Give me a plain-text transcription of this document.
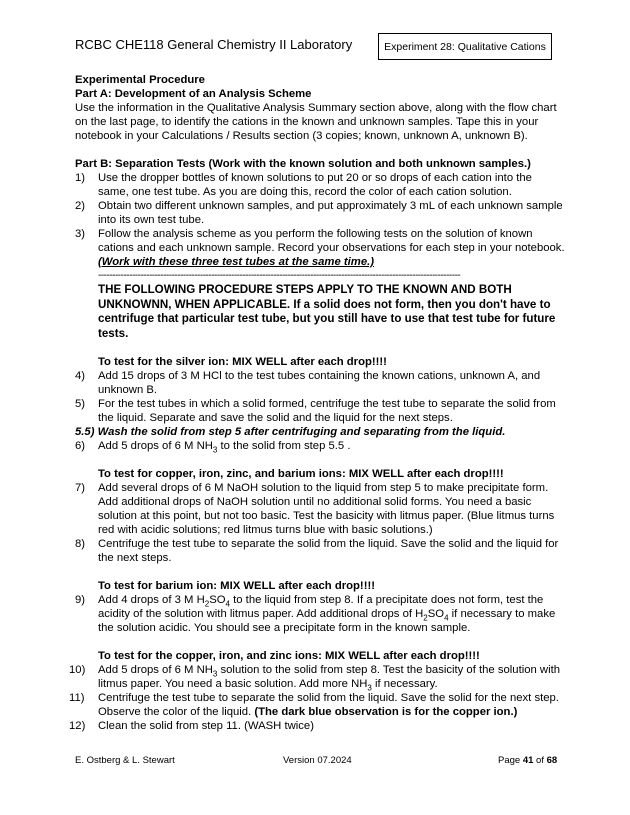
RCBC CHE118 General Chemistry II Laboratory	Experiment 28: Qualitative Cations

Experimental Procedure

Part A: Development of an Analysis Scheme

Use the information in the Qualitative Analysis Summary section above, along with the flow chart on the last page, to identify the cations in the known and unknown samples. Tape this in your notebook in your Calculations / Results section (3 copies; known, unknown A, unknown B).

Part B: Separation Tests (Work with the known solution and both unknown samples.)

1) Use the dropper bottles of known solutions to put 20 or so drops of each cation into the same, one test tube. As you are doing this, record the color of each cation solution.

2) Obtain two different unknown samples, and put approximately 3 mL of each unknown sample into its own test tube.

3) Follow the analysis scheme as you perform the following tests on the solution of known cations and each unknown sample. Record your observations for each step in your notebook. (Work with these three test tubes at the same time.)

--------------------------------------------------------------------------------------------------------------------------------

THE FOLLOWING PROCEDURE STEPS APPLY TO THE KNOWN AND BOTH UNKNOWNN, WHEN APPLICABLE. If a solid does not form, then you don't have to centrifuge that particular test tube, but you still have to use that test tube for future tests.

To test for the silver ion: MIX WELL after each drop!!!!

4) Add 15 drops of 3 M HCl to the test tubes containing the known cations, unknown A, and unknown B.

5) For the test tubes in which a solid formed, centrifuge the test tube to separate the solid from the liquid. Separate and save the solid and the liquid for the next steps.

5.5) Wash the solid from step 5 after centrifuging and separating from the liquid.

6) Add 5 drops of 6 M $NH_3$ to the solid from step 5.5 .

To test for copper, iron, zinc, and barium ions: MIX WELL after each drop!!!!

7) Add several drops of 6 M NaOH solution to the liquid from step 5 to make precipitate form. Add additional drops of NaOH solution until no additional solid forms. You need a basic solution at this point, but not too basic. Test the basicity with litmus paper. (Blue litmus turns red with acidic solutions; red litmus turns blue with basic solutions.)

8) Centrifuge the test tube to separate the solid from the liquid. Save the solid and the liquid for the next steps.

To test for barium ion: MIX WELL after each drop!!!!

9) Add 4 drops of 3 M $H_2SO_4$ to the liquid from step 8. If a precipitate does not form, test the acidity of the solution with litmus paper. Add additional drops of $H_2SO_4$ if necessary to make the solution acidic. You should see a precipitate form in the known sample.

To test for the copper, iron, and zinc ions: MIX WELL after each drop!!!!

10) Add 5 drops of 6 M $NH_3$ solution to the solid from step 8. Test the basicity of the solution with litmus paper. You need a basic solution. Add more $NH_3$ if necessary.

11) Centrifuge the test tube to separate the solid from the liquid. Save the solid for the next step. Observe the color of the liquid. (The dark blue observation is for the copper ion.)

12) Clean the solid from step 11. (WASH twice)

E. Ostberg & L. Stewart	Version 07.2024	Page 41 of 68
